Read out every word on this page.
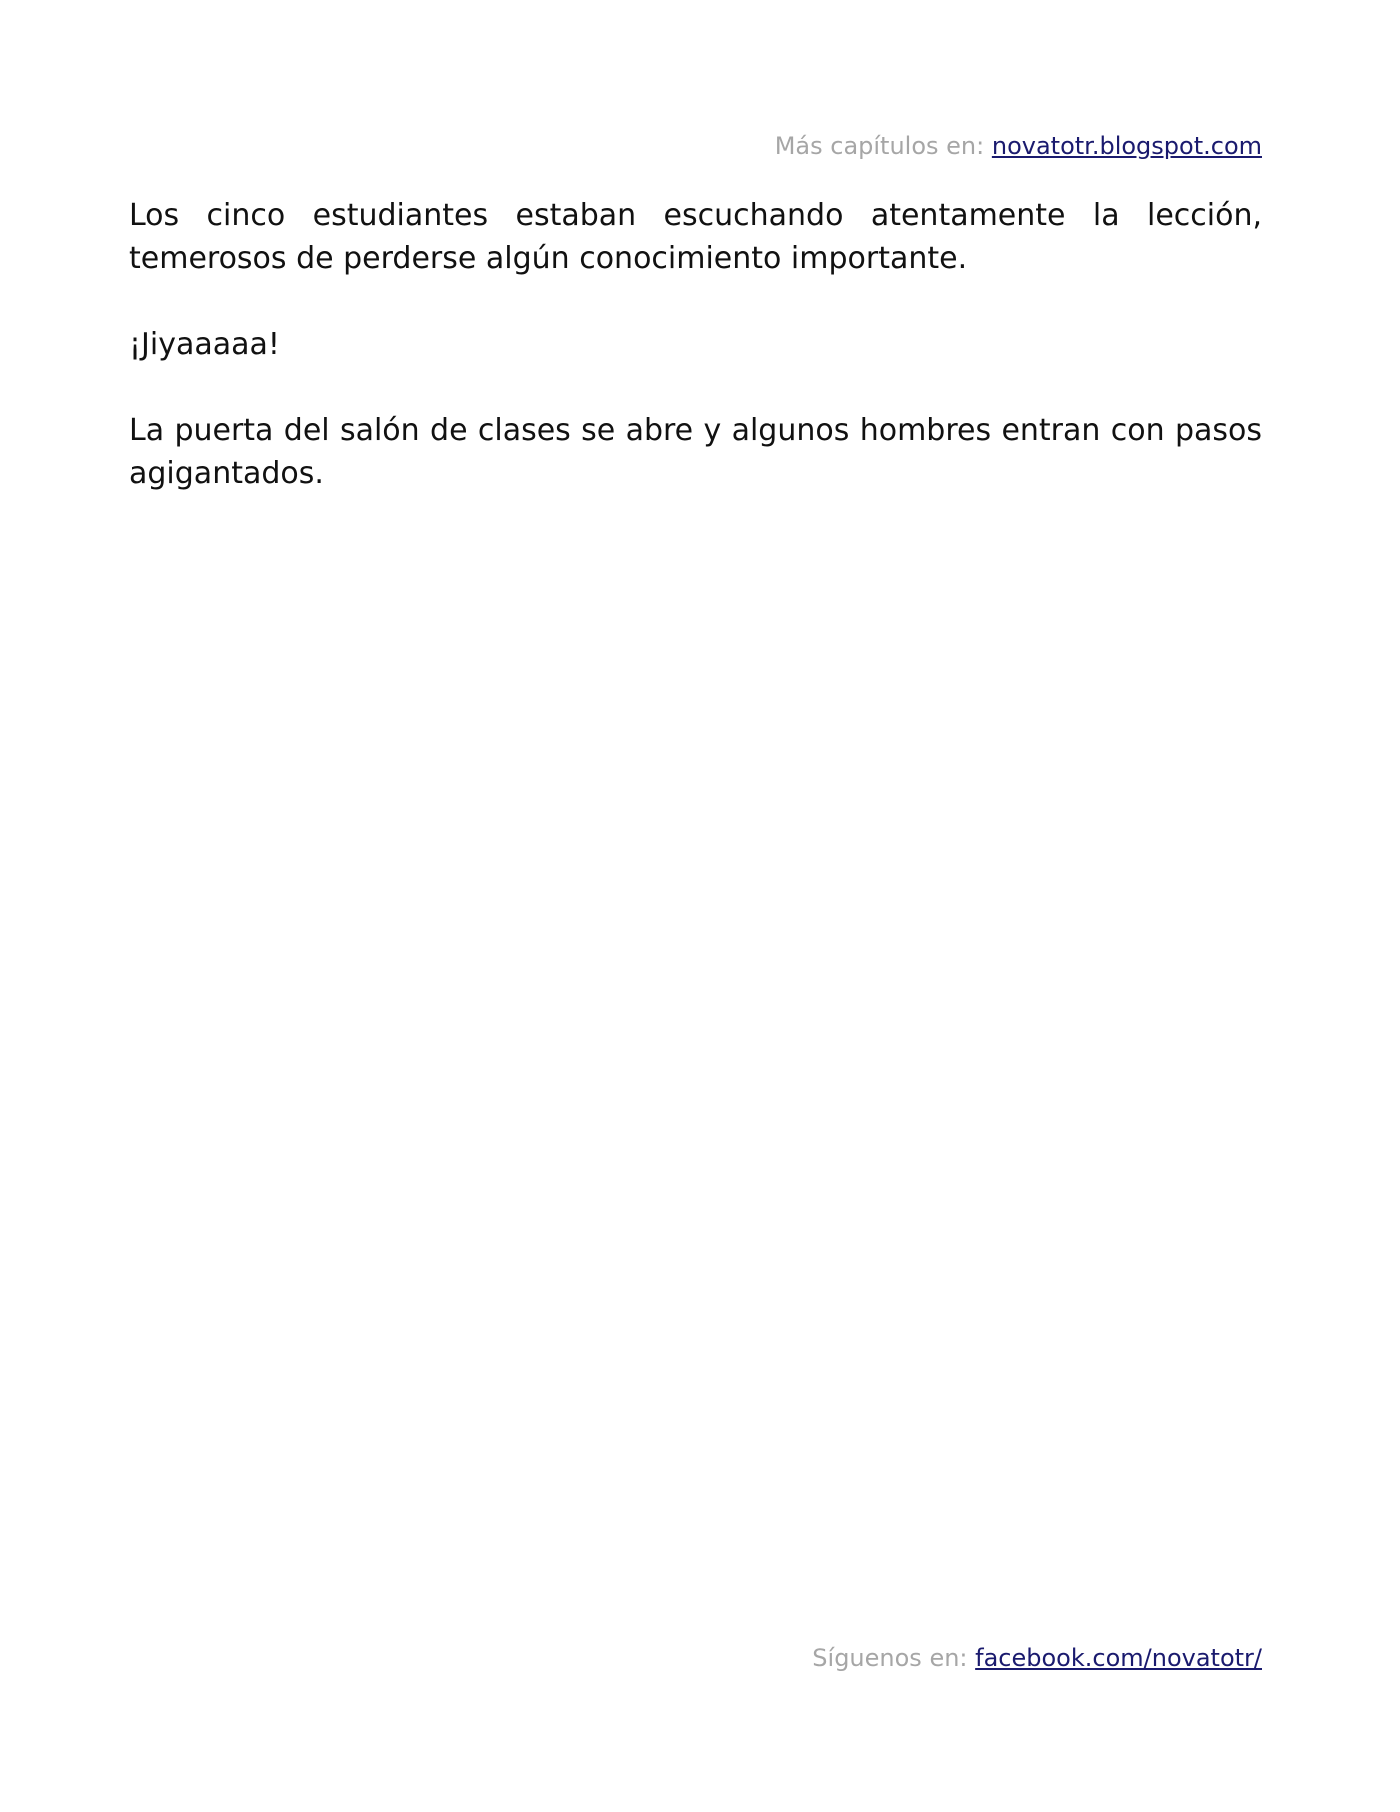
Más capítulos en: novatotr.blogspot.com

Los cinco estudiantes estaban escuchando atentamente la lección, temerosos de perderse algún conocimiento importante.

¡Jiyaaaaa!

La puerta del salón de clases se abre y algunos hombres entran con pasos agigantados.

Síguenos en: facebook.com/novatotr/
